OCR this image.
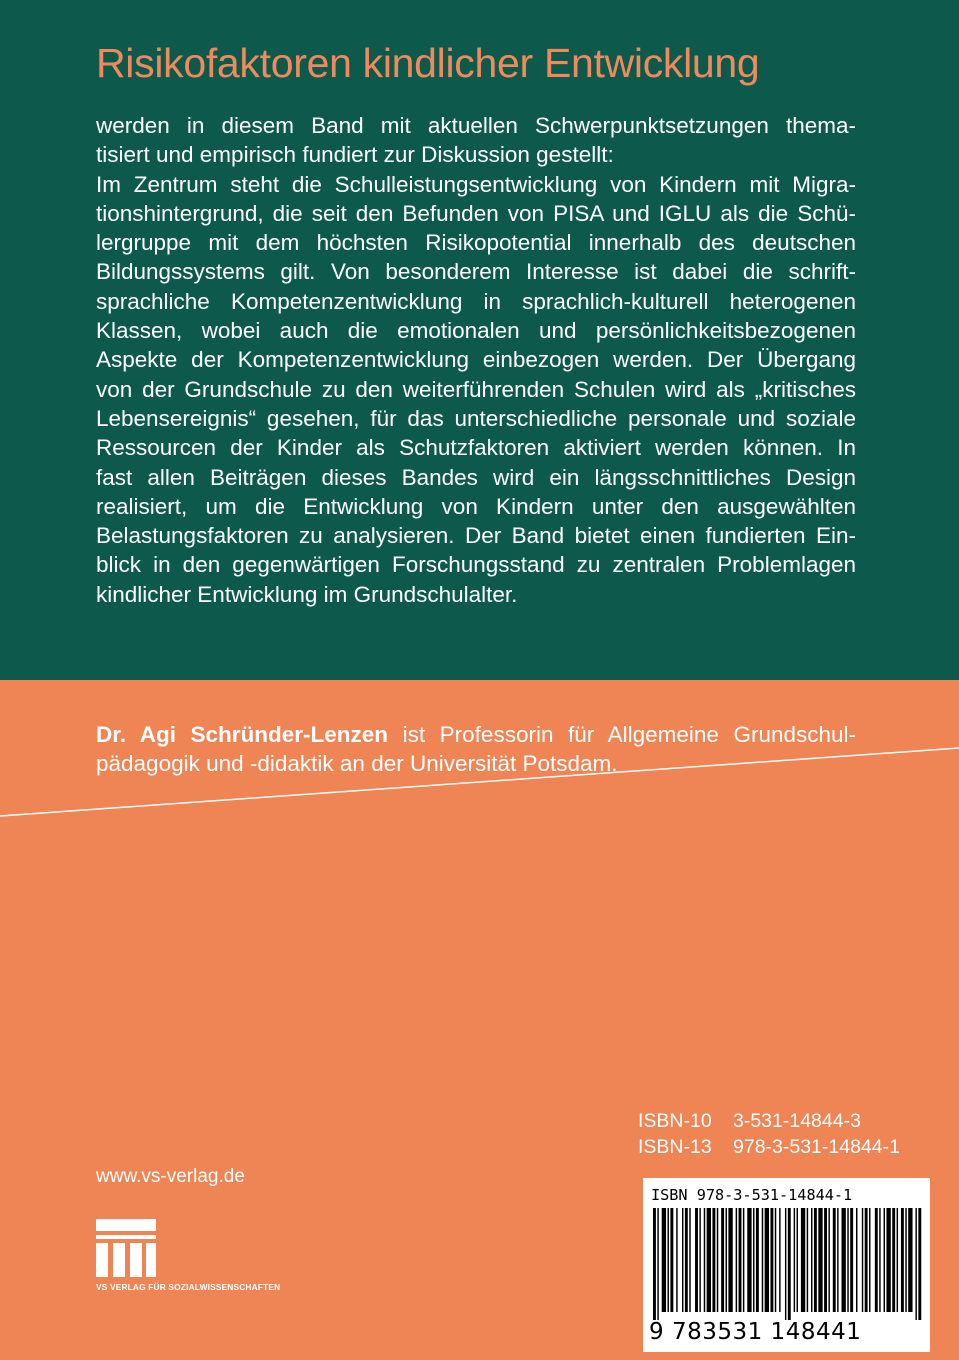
Risikofaktoren kindlicher Entwicklung
werden in diesem Band mit aktuellen Schwerpunktsetzungen thema-
tisiert und empirisch fundiert zur Diskussion gestellt:
Im Zentrum steht die Schulleistungsentwicklung von Kindern mit Migra-
tionshintergrund, die seit den Befunden von PISA und IGLU als die Schü-
lergruppe mit dem höchsten Risikopotential innerhalb des deutschen
Bildungssystems gilt. Von besonderem Interesse ist dabei die schrift-
sprachliche Kompetenzentwicklung in sprachlich-kulturell heterogenen
Klassen, wobei auch die emotionalen und persönlichkeitsbezogenen
Aspekte der Kompetenzentwicklung einbezogen werden. Der Übergang
von der Grundschule zu den weiterführenden Schulen wird als „kritisches
Lebensereignis“ gesehen, für das unterschiedliche personale und soziale
Ressourcen der Kinder als Schutzfaktoren aktiviert werden können. In
fast allen Beiträgen dieses Bandes wird ein längsschnittliches Design
realisiert, um die Entwicklung von Kindern unter den ausgewählten
Belastungsfaktoren zu analysieren. Der Band bietet einen fundierten Ein-
blick in den gegenwärtigen Forschungsstand zu zentralen Problemlagen
kindlicher Entwicklung im Grundschulalter.
Dr. Agi Schründer-Lenzen ist Professorin für Allgemeine Grundschul-
pädagogik und -didaktik an der Universität Potsdam.
ISBN-10 3-531-14844-3
ISBN-13 978-3-531-14844-1
www.vs-verlag.de
VS VERLAG FÜR SOZIALWISSENSCHAFTEN
ISBN 978-3-531-14844-1
9 783531 148441
